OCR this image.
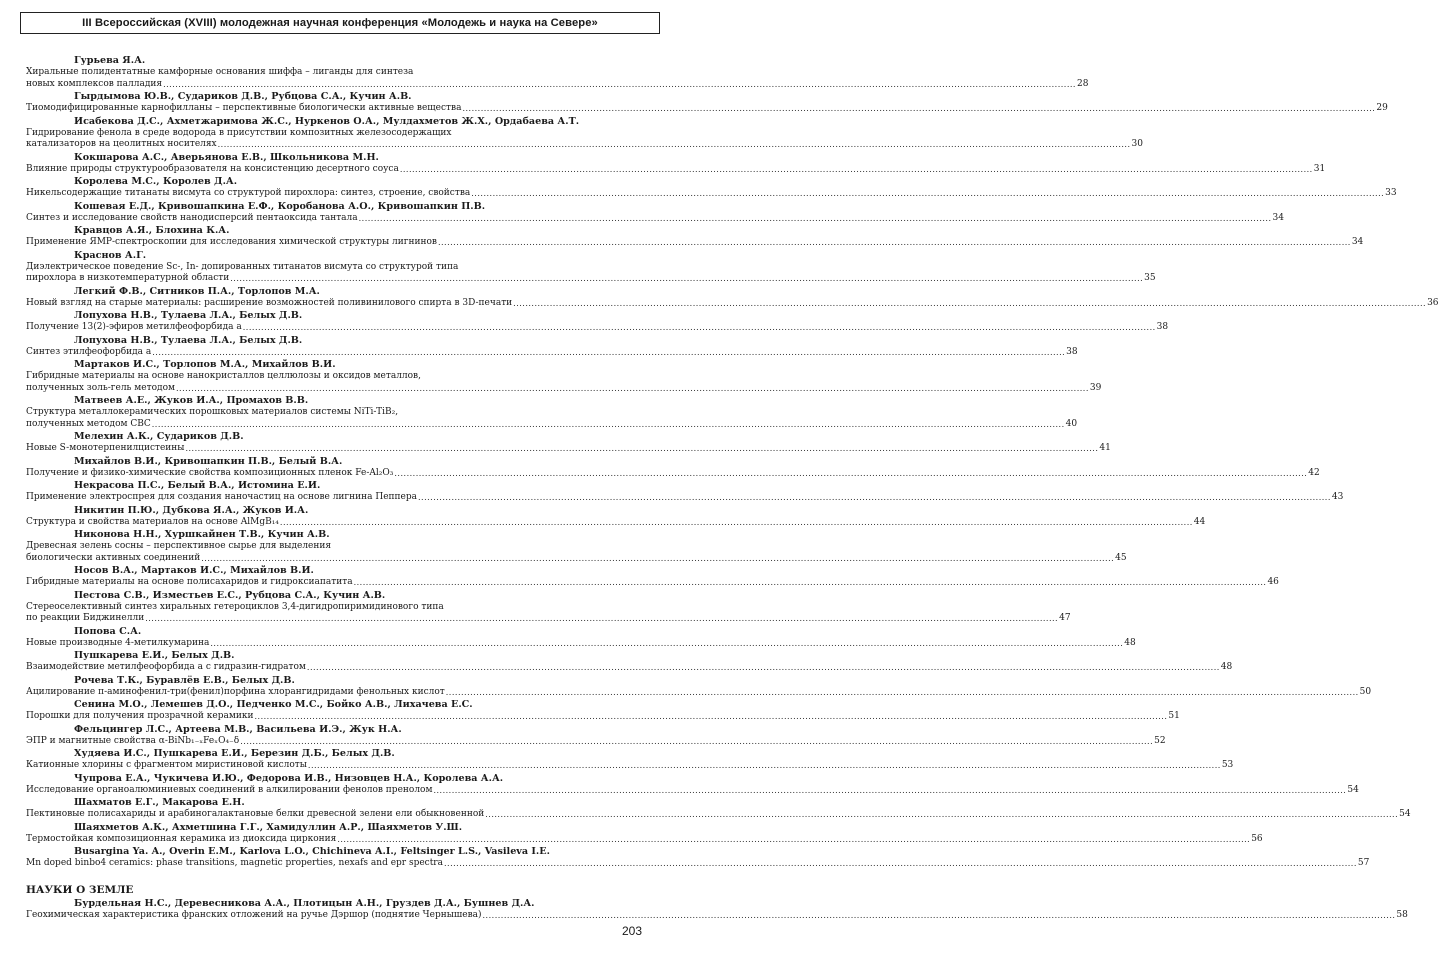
III Всероссийская (XVIII) молодежная научная конференция «Молодежь и наука на Севере»
Гурьева Я.А.
Хиральные полидентатные камфорные основания шиффа – лиганды для синтеза
новых комплексов палладия ............................................................................................................................................................................................................................................................................................................ 28
Гырдымова Ю.В., Судариков Д.В., Рубцова С.А., Кучин А.В.
Тиомодифицированные карнофилланы – перспективные биологически активные вещества ............................................................................................................................................................................................................................................................................................................ 29
Исабекова Д.С., Ахметжаримова Ж.С., Нуркенов О.А., Мулдахметов Ж.Х., Ордабаева А.Т.
Гидрирование фенола в среде водорода в присутствии композитных железосодержащих
катализаторов на цеолитных носителях ............................................................................................................................................................................................................................................................................................................ 30
Кокшарова А.С., Аверьянова Е.В., Школьникова М.Н.
Влияние природы структурообразователя на консистенцию десертного соуса ............................................................................................................................................................................................................................................................................................................ 31
Королева М.С., Королев Д.А.
Никельсодержащие титанаты висмута со структурой пирохлора: синтез, строение, свойства ............................................................................................................................................................................................................................................................................................................ 33
Кошевая Е.Д., Кривошапкина Е.Ф., Коробанова А.О., Кривошапкин П.В.
Синтез и исследование свойств нанодисперсий пентаоксида тантала ............................................................................................................................................................................................................................................................................................................ 34
Кравцов А.Я., Блохина К.А.
Применение ЯМР-спектроскопии для исследования химической структуры лигнинов ............................................................................................................................................................................................................................................................................................................ 34
Краснов А.Г.
Диэлектрическое поведение Sc-, In- допированных титанатов висмута со структурой типа
пирохлора в низкотемпературной области ............................................................................................................................................................................................................................................................................................................ 35
Легкий Ф.В., Ситников П.А., Торлопов М.А.
Новый взгляд на старые материалы: расширение возможностей поливинилового спирта в 3D-печати ............................................................................................................................................................................................................................................................................................................ 36
Лопухова Н.В., Тулаева Л.А., Белых Д.В.
Получение 13(2)-эфиров метилфеофорбида a ............................................................................................................................................................................................................................................................................................................ 38
Лопухова Н.В., Тулаева Л.А., Белых Д.В.
Синтез этилфеофорбида a ............................................................................................................................................................................................................................................................................................................ 38
Мартаков И.С., Торлопов М.А., Михайлов В.И.
Гибридные материалы на основе нанокристаллов целлюлозы и оксидов металлов,
полученных золь-гель методом ............................................................................................................................................................................................................................................................................................................ 39
Матвеев А.Е., Жуков И.А., Промахов В.В.
Структура металлокерамических порошковых материалов системы NiTi-TiB₂,
полученных методом СВС ............................................................................................................................................................................................................................................................................................................ 40
Мелехин А.К., Судариков Д.В.
Новые S-монотерпенилцистеины ............................................................................................................................................................................................................................................................................................................ 41
Михайлов В.И., Кривошапкин П.В., Белый В.А.
Получение и физико-химические свойства композиционных пленок Fe-Al₂O₃ ............................................................................................................................................................................................................................................................................................................ 42
Некрасова П.С., Белый В.А., Истомина Е.И.
Применение электроспрея для создания наночастиц на основе лигнина Пеппера ............................................................................................................................................................................................................................................................................................................ 43
Никитин П.Ю., Дубкова Я.А., Жуков И.А.
Структура и свойства материалов на основе AlMgB₁₄ ............................................................................................................................................................................................................................................................................................................ 44
Никонова Н.Н., Хуршкайнен Т.В., Кучин А.В.
Древесная зелень сосны – перспективное сырье для выделения
биологически активных соединений ............................................................................................................................................................................................................................................................................................................ 45
Носов В.А., Мартаков И.С., Михайлов В.И.
Гибридные материалы на основе полисахаридов и гидроксиапатита ............................................................................................................................................................................................................................................................................................................ 46
Пестова С.В., Изместьев Е.С., Рубцова С.А., Кучин А.В.
Стереоселективный синтез хиральных гетероциклов 3,4-дигидропиримидинового типа
по реакции Биджинелли ............................................................................................................................................................................................................................................................................................................ 47
Попова С.А.
Новые производные 4-метилкумарина ............................................................................................................................................................................................................................................................................................................ 48
Пушкарева Е.И., Белых Д.В.
Взаимодействие метилфеофорбида a с гидразин-гидратом ............................................................................................................................................................................................................................................................................................................ 48
Рочева Т.К., Буравлёв Е.В., Белых Д.В.
Ацилирование п-аминофенил-три(фенил)порфина хлорангидридами фенольных кислот ............................................................................................................................................................................................................................................................................................................ 50
Сенина М.О., Лемешев Д.О., Педченко М.С., Бойко А.В., Лихачева Е.С.
Порошки для получения прозрачной керамики ............................................................................................................................................................................................................................................................................................................ 51
Фельцингер Л.С., Артеева М.В., Васильева И.Э., Жук Н.А.
ЭПР и магнитные свойства α-BiNb₁₋ₓFeₓO₄₋δ ............................................................................................................................................................................................................................................................................................................ 52
Худяева И.С., Пушкарева Е.И., Березин Д.Б., Белых Д.В.
Катионные хлорины с фрагментом миристиновой кислоты ............................................................................................................................................................................................................................................................................................................ 53
Чупрова Е.А., Чукичева И.Ю., Федорова И.В., Низовцев Н.А., Королева А.А.
Исследование органоалюминиевых соединений в алкилировании фенолов пренолом ............................................................................................................................................................................................................................................................................................................ 54
Шахматов Е.Г., Макарова Е.Н.
Пектиновые полисахариды и арабиногалактановые белки древесной зелени ели обыкновенной ............................................................................................................................................................................................................................................................................................................ 54
Шаяхметов А.К., Ахметшина Г.Г., Хамидуллин А.Р., Шаяхметов У.Ш.
Термостойкая композиционная керамика из диоксида циркония ............................................................................................................................................................................................................................................................................................................ 56
Busargina Ya. A., Overin E.M., Karlova L.O., Chichineva A.I., Feltsinger L.S., Vasileva I.E.
Mn doped binbo4 ceramics: phase transitions, magnetic properties, nexafs and epr spectra ............................................................................................................................................................................................................................................................................................................ 57
НАУКИ О ЗЕМЛЕ
Бурдельная Н.С., Деревесникова А.А., Плотицын А.Н., Груздев Д.А., Бушнев Д.А.
Геохимическая характеристика франских отложений на ручье Дэршор (поднятие Чернышева) ............................................................................................................................................................................................................................................................................................................ 58
203
